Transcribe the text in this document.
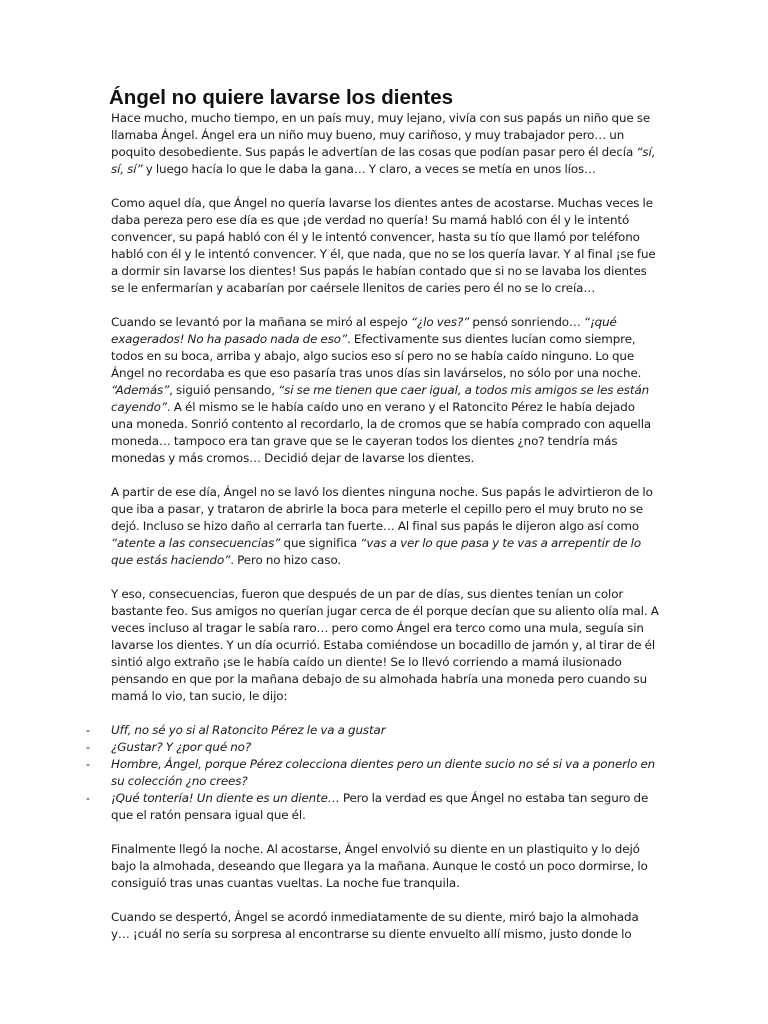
Ángel no quiere lavarse los dientes

Hace mucho, mucho tiempo, en un país muy, muy lejano, vivía con sus papás un niño que se llamaba Ángel. Ángel era un niño muy bueno, muy cariñoso, y muy trabajador pero… un poquito desobediente. Sus papás le advertían de las cosas que podían pasar pero él decía “sí, sí, sí” y luego hacía lo que le daba la gana… Y claro, a veces se metía en unos líos…

Como aquel día, que Ángel no quería lavarse los dientes antes de acostarse. Muchas veces le daba pereza pero ese día es que ¡de verdad no quería! Su mamá habló con él y le intentó convencer, su papá habló con él y le intentó convencer, hasta su tío que llamó por teléfono habló con él y le intentó convencer. Y él, que nada, que no se los quería lavar. Y al final ¡se fue a dormir sin lavarse los dientes! Sus papás le habían contado que si no se lavaba los dientes se le enfermarían y acabarían por caérsele llenitos de caries pero él no se lo creía…

Cuando se levantó por la mañana se miró al espejo “¿lo ves?” pensó sonriendo… “¡qué exagerados! No ha pasado nada de eso”. Efectivamente sus dientes lucían como siempre, todos en su boca, arriba y abajo, algo sucios eso sí pero no se había caído ninguno. Lo que Ángel no recordaba es que eso pasaría tras unos días sin lavárselos, no sólo por una noche. “Además”, siguió pensando, “si se me tienen que caer igual, a todos mis amigos se les están cayendo”. A él mismo se le había caído uno en verano y el Ratoncito Pérez le había dejado una moneda. Sonrió contento al recordarlo, la de cromos que se había comprado con aquella moneda… tampoco era tan grave que se le cayeran todos los dientes ¿no? tendría más monedas y más cromos… Decidió dejar de lavarse los dientes.

A partir de ese día, Ángel no se lavó los dientes ninguna noche. Sus papás le advirtieron de lo que iba a pasar, y trataron de abrirle la boca para meterle el cepillo pero el muy bruto no se dejó. Incluso se hizo daño al cerrarla tan fuerte… Al final sus papás le dijeron algo así como “atente a las consecuencias” que significa “vas a ver lo que pasa y te vas a arrepentir de lo que estás haciendo”. Pero no hizo caso.

Y eso, consecuencias, fueron que después de un par de días, sus dientes tenían un color bastante feo. Sus amigos no querían jugar cerca de él porque decían que su aliento olía mal. A veces incluso al tragar le sabía raro… pero como Ángel era terco como una mula, seguía sin lavarse los dientes. Y un día ocurrió. Estaba comiéndose un bocadillo de jamón y, al tirar de él sintió algo extraño ¡se le había caído un diente! Se lo llevó corriendo a mamá ilusionado pensando en que por la mañana debajo de su almohada habría una moneda pero cuando su mamá lo vio, tan sucio, le dijo:

- Uff, no sé yo si al Ratoncito Pérez le va a gustar
- ¿Gustar? Y ¿por qué no?
- Hombre, Ángel, porque Pérez colecciona dientes pero un diente sucio no sé si va a ponerlo en su colección ¿no crees?
- ¡Qué tontería! Un diente es un diente… Pero la verdad es que Ángel no estaba tan seguro de que el ratón pensara igual que él.

Finalmente llegó la noche. Al acostarse, Ángel envolvió su diente en un plastiquito y lo dejó bajo la almohada, deseando que llegara ya la mañana. Aunque le costó un poco dormirse, lo consiguió tras unas cuantas vueltas. La noche fue tranquila.

Cuando se despertó, Ángel se acordó inmediatamente de su diente, miró bajo la almohada y… ¡cuál no sería su sorpresa al encontrarse su diente envuelto allí mismo, justo donde lo
